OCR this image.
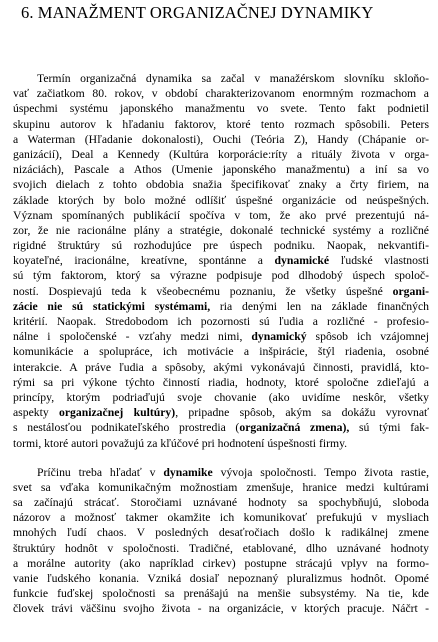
6. MANAŽMENT ORGANIZAČNEJ DYNAMIKY
Termín organizačná dynamika sa začal v manažérskom slovníku skloňo-
vať začiatkom 80. rokov, v období charakterizovanom enormným rozmachom a
úspechmi systému japonského manažmentu vo svete. Tento fakt podnietil
skupinu autorov k hľadaniu faktorov, ktoré tento rozmach spôsobili. Peters
a Waterman (Hľadanie dokonalosti), Ouchi (Teória Z), Handy (Chápanie or-
ganizácií), Deal a Kennedy (Kultúra korporácie:ríty a rituály života v orga-
nizáciách), Pascale a Athos (Umenie japonského manažmentu) a iní sa vo
svojich dielach z tohto obdobia snažia špecifikovať znaky a črty firiem, na
základe ktorých by bolo možné odlíšiť úspešné organizácie od neúspešných.
Význam spomínaných publikácií spočíva v tom, že ako prvé prezentujú ná-
zor, že nie racionálne plány a stratégie, dokonalé technické systémy a rozličné
rigidné štruktúry sú rozhodujúce pre úspech podniku. Naopak, nekvantifi-
koyateľné, iracionálne, kreatívne, spontánne a dynamické ľudské vlastnosti
sú tým faktorom, ktorý sa výrazne podpisuje pod dlhodobý úspech spoloč-
ností. Dospievajú teda k všeobecnému poznaniu, že všetky úspešné organi-
zácie nie sú statickými systémami, ria denými len na základe finančných
kritérií. Naopak. Stredobodom ich pozornosti sú ľudia a rozličné - profesio-
nálne i spoločenské - vzťahy medzi nimi, dynamický spôsob ich vzájomnej
komunikácie a spolupráce, ich motivácie a inšpirácie, štýl riadenia, osobné
interakcie. A práve ľudia a spôsoby, akými vykonávajú činnosti, pravidlá, kto-
rými sa pri výkone týchto činností riadia, hodnoty, ktoré spoločne zdieľajú a
princípy, ktorým podriaďujú svoje chovanie (ako uvidíme neskôr, všetky
aspekty organizačnej kultúry), pripadne spôsob, akým sa dokážu vyrovnať
s nestálosťou podnikateľského prostredia (organizačná zmena), sú tými fak-
tormi, ktoré autori považujú za kľúčové pri hodnotení úspešnosti firmy.
Príčinu treba hľadať v dynamike vývoja spoločnosti. Tempo života rastie,
svet sa vďaka komunikačným možnostiam zmenšuje, hranice medzi kultúrami
sa začínajú strácať. Storočiami uznávané hodnoty sa spochybňujú, sloboda
názorov a možnosť takmer okamžite ich komunikovať prefukujú v mysliach
mnohých ľudí chaos. V posledných desaťročiach došlo k radikálnej zmene
štruktúry hodnôt v spoločnosti. Tradičné, etablované, dlho uznávané hodnoty
a morálne autority (ako napríklad cirkev) postupne strácajú vplyv na formo-
vanie ľudského konania. Vzniká dosiaľ nepoznaný pluralizmus hodnôt. Opomé
funkcie fuďskej spoločnosti sa prenášajú na menšie subsystémy. Na tie, kde
človek trávi väčšinu svojho života - na organizácie, v ktorých pracuje. Náčrt -
